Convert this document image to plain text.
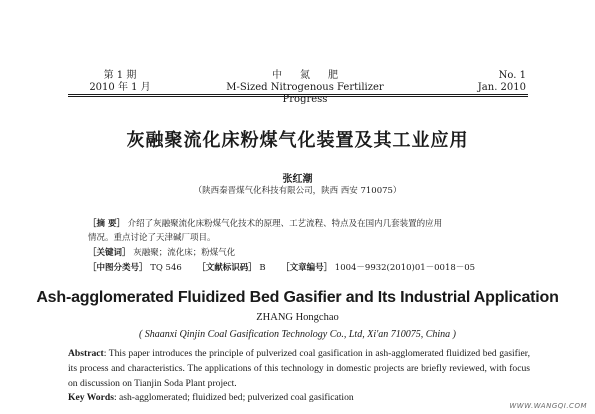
第 1 期
2010 年 1 月
中氮肥
M-Sized Nitrogenous Fertilizer Progress
No. 1
Jan. 2010
灰融聚流化床粉煤气化装置及其工业应用
张红潮
（陕西秦晋煤气化科技有限公司，陕西 西安 710075）
［摘 要］ 介绍了灰融聚流化床粉煤气化技术的原理、工艺流程、特点及在国内几套装置的应用
情况。重点讨论了天津碱厂项目。
［关键词］ 灰融聚；流化床；粉煤气化
［中图分类号］ TQ 546 ［文献标识码］ B ［文章编号］ 1004－9932(2010)01－0018－05
Ash-agglomerated Fluidized Bed Gasifier and Its Industrial Application
ZHANG Hongchao
( Shaanxi Qinjin Coal Gasification Technology Co., Ltd, Xi'an 710075, China )
Abstract: This paper introduces the principle of pulverized coal gasification in ash-agglomerated fluidized bed gasifier, its process and characteristics. The applications of this technology in domestic projects are briefly reviewed, with focus on discussion on Tianjin Soda Plant project.
Key Words: ash-agglomerated; fluidized bed; pulverized coal gasification
WWW.WANGQI.COM
